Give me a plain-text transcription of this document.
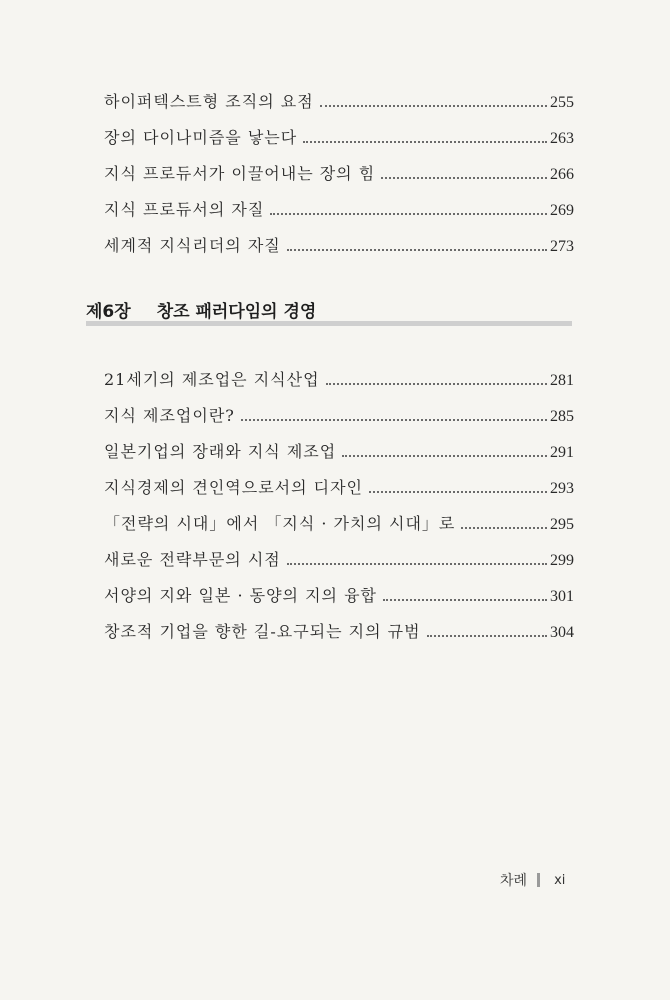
하이퍼텍스트형 조직의 요점	255
장의 다이나미즘을 낳는다	263
지식 프로듀서가 이끌어내는 장의 힘	266
지식 프로듀서의 자질	269
세계적 지식리더의 자질	273
제6장 창조 패러다임의 경영
21세기의 제조업은 지식산업	281
지식 제조업이란?	285
일본기업의 장래와 지식 제조업	291
지식경제의 견인역으로서의 디자인	293
「전략의 시대」에서 「지식 · 가치의 시대」로	295
새로운 전략부문의 시점	299
서양의 지와 일본 · 동양의 지의 융합	301
창조적 기업을 향한 길-요구되는 지의 규범	304
차례 xi
